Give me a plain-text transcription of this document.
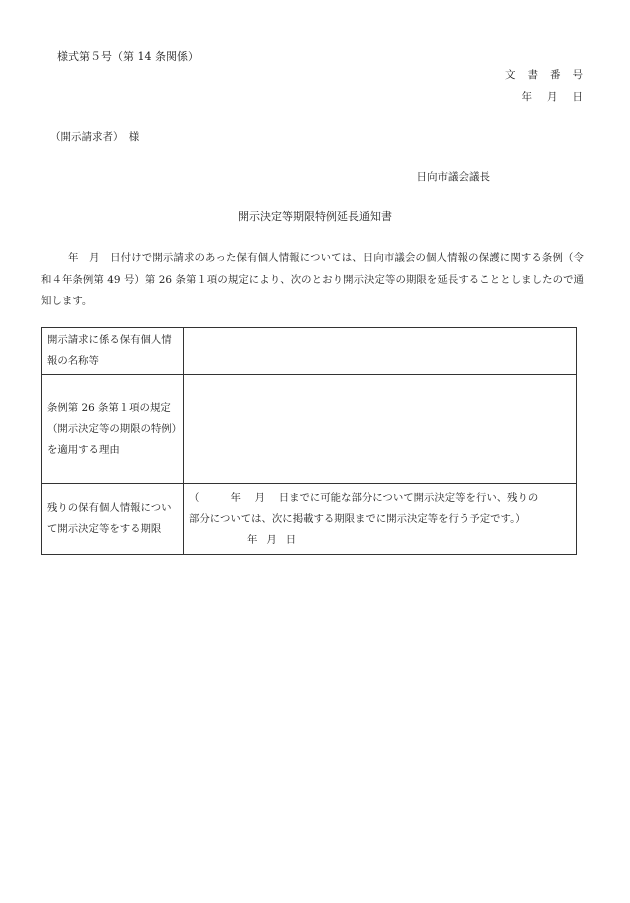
様式第５号（第 14 条関係）
文書番号
年月日
（開示請求者）　様
日向市議会議長
開示決定等期限特例延長通知書
年　月　日付けで開示請求のあった保有個人情報については、日向市議会の個人情報の保護に関する条例（令和４年条例第 49 号）第 26 条第１項の規定により、次のとおり開示決定等の期限を延長することとしましたので通知します。
開示請求に係る保有個人情報の名称等	
条例第 26 条第１項の規定（開示決定等の期限の特例）を適用する理由	
残りの保有個人情報について開示決定等をする期限	（　　　年　 月　 日までに可能な部分について開示決定等を行い、残りの
部分については、次に掲載する期限までに開示決定等を行う予定です。）
年月日
